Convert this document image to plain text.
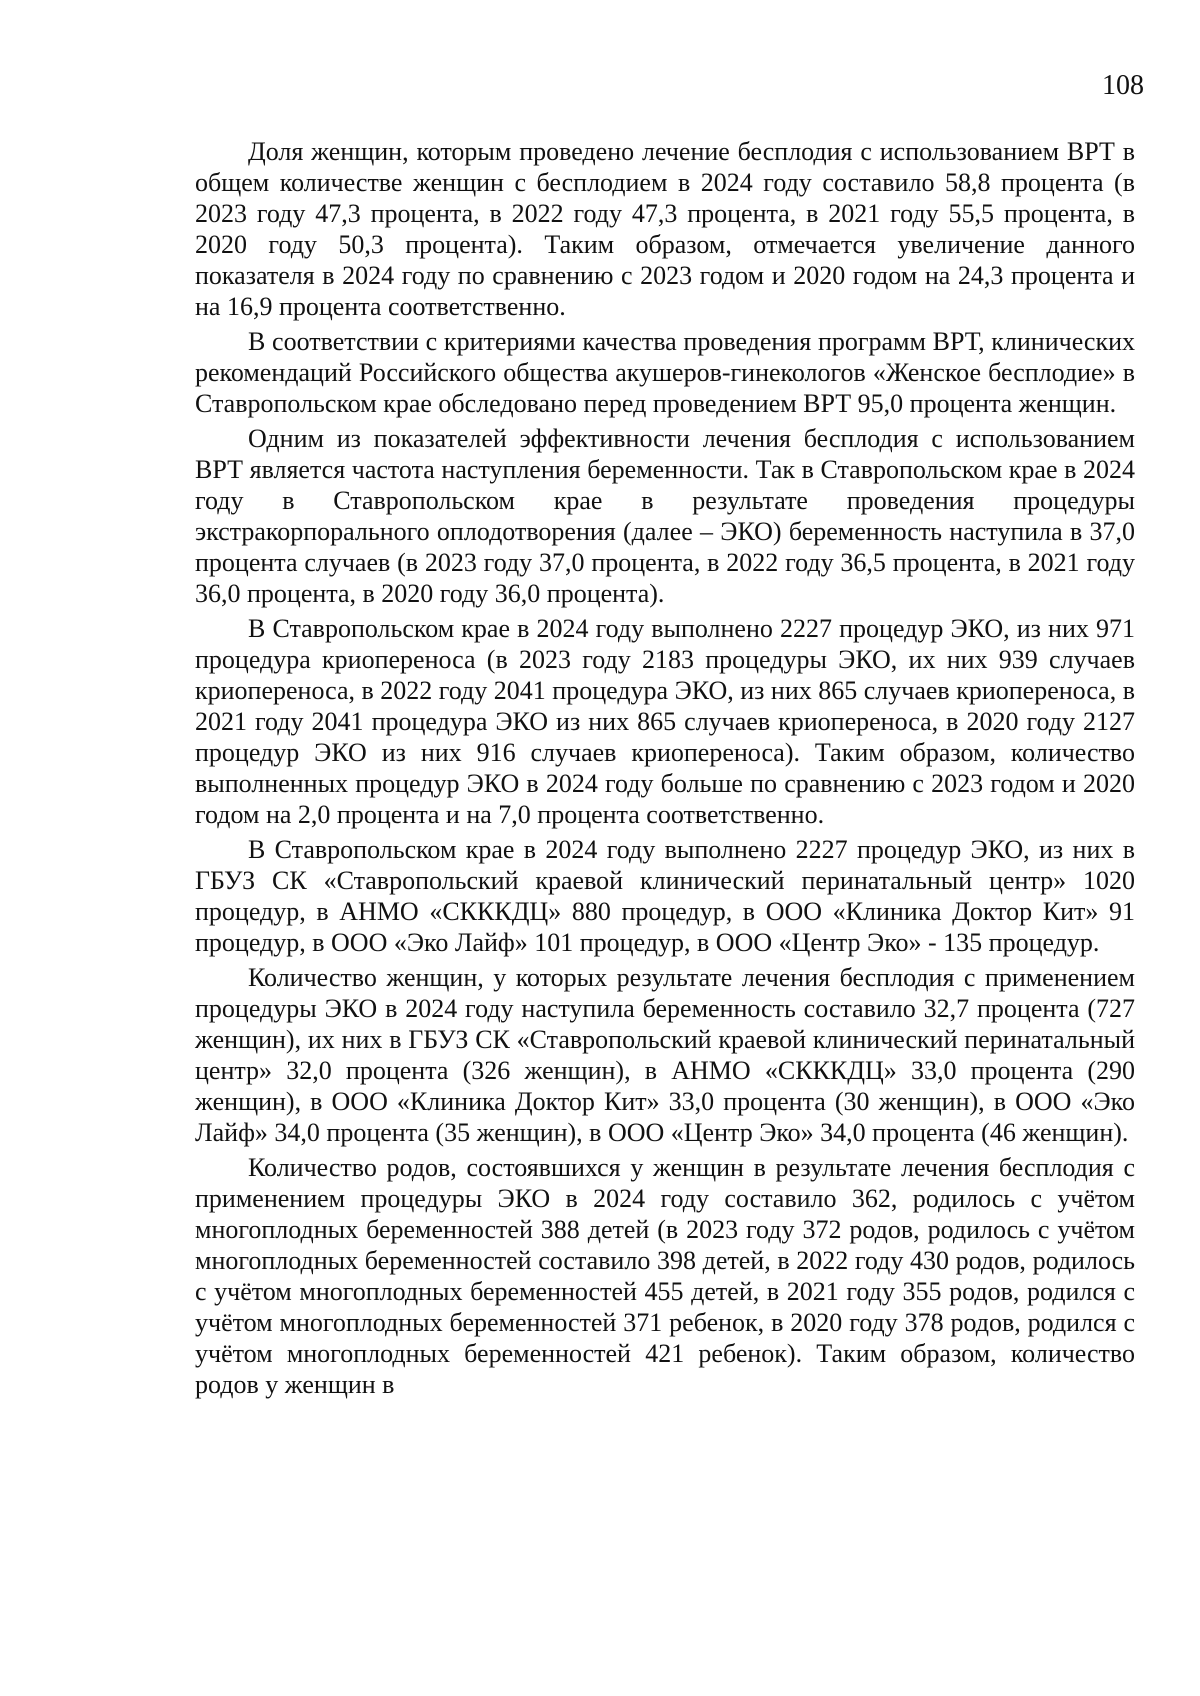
108

Доля женщин, которым проведено лечение бесплодия с использованием ВРТ в общем количестве женщин с бесплодием в 2024 году составило 58,8 процента (в 2023 году 47,3 процента, в 2022 году 47,3 процента, в 2021 году 55,5 процента, в 2020 году 50,3 процента). Таким образом, отмечается увеличение данного показателя в 2024 году по сравнению с 2023 годом и 2020 годом на 24,3 процента и на 16,9 процента соответственно.

В соответствии с критериями качества проведения программ ВРТ, клинических рекомендаций Российского общества акушеров-гинекологов «Женское бесплодие» в Ставропольском крае обследовано перед проведением ВРТ 95,0 процента женщин.

Одним из показателей эффективности лечения бесплодия с использованием ВРТ является частота наступления беременности. Так в Ставропольском крае в 2024 году в Ставропольском крае в результате проведения процедуры экстракорпорального оплодотворения (далее – ЭКО) беременность наступила в 37,0 процента случаев (в 2023 году 37,0 процента, в 2022 году 36,5 процента, в 2021 году 36,0 процента, в 2020 году 36,0 процента).

В Ставропольском крае в 2024 году выполнено 2227 процедур ЭКО, из них 971 процедура криопереноса (в 2023 году 2183 процедуры ЭКО, их них 939 случаев криопереноса, в 2022 году 2041 процедура ЭКО, из них 865 случаев криопереноса, в 2021 году 2041 процедура ЭКО из них 865 случаев криопереноса, в 2020 году 2127 процедур ЭКО из них 916 случаев криопереноса). Таким образом, количество выполненных процедур ЭКО в 2024 году больше по сравнению с 2023 годом и 2020 годом на 2,0 процента и на 7,0 процента соответственно.

В Ставропольском крае в 2024 году выполнено 2227 процедур ЭКО, из них в ГБУЗ СК «Ставропольский краевой клинический перинатальный центр» 1020 процедур, в АНМО «СКККДЦ» 880 процедур, в ООО «Клиника Доктор Кит» 91 процедур, в ООО «Эко Лайф» 101 процедур, в ООО «Центр Эко» - 135 процедур.

Количество женщин, у которых результате лечения бесплодия с применением процедуры ЭКО в 2024 году наступила беременность составило 32,7 процента (727 женщин), их них в ГБУЗ СК «Ставропольский краевой клинический перинатальный центр» 32,0 процента (326 женщин), в АНМО «СКККДЦ» 33,0 процента (290 женщин), в ООО «Клиника Доктор Кит» 33,0 процента (30 женщин), в ООО «Эко Лайф» 34,0 процента (35 женщин), в ООО «Центр Эко» 34,0 процента (46 женщин).

Количество родов, состоявшихся у женщин в результате лечения бесплодия с применением процедуры ЭКО в 2024 году составило 362, родилось с учётом многоплодных беременностей 388 детей (в 2023 году 372 родов, родилось с учётом многоплодных беременностей составило 398 детей, в 2022 году 430 родов, родилось с учётом многоплодных беременностей 455 детей, в 2021 году 355 родов, родился с учётом многоплодных беременностей 371 ребенок, в 2020 году 378 родов, родился с учётом многоплодных беременностей 421 ребенок). Таким образом, количество родов у женщин в
